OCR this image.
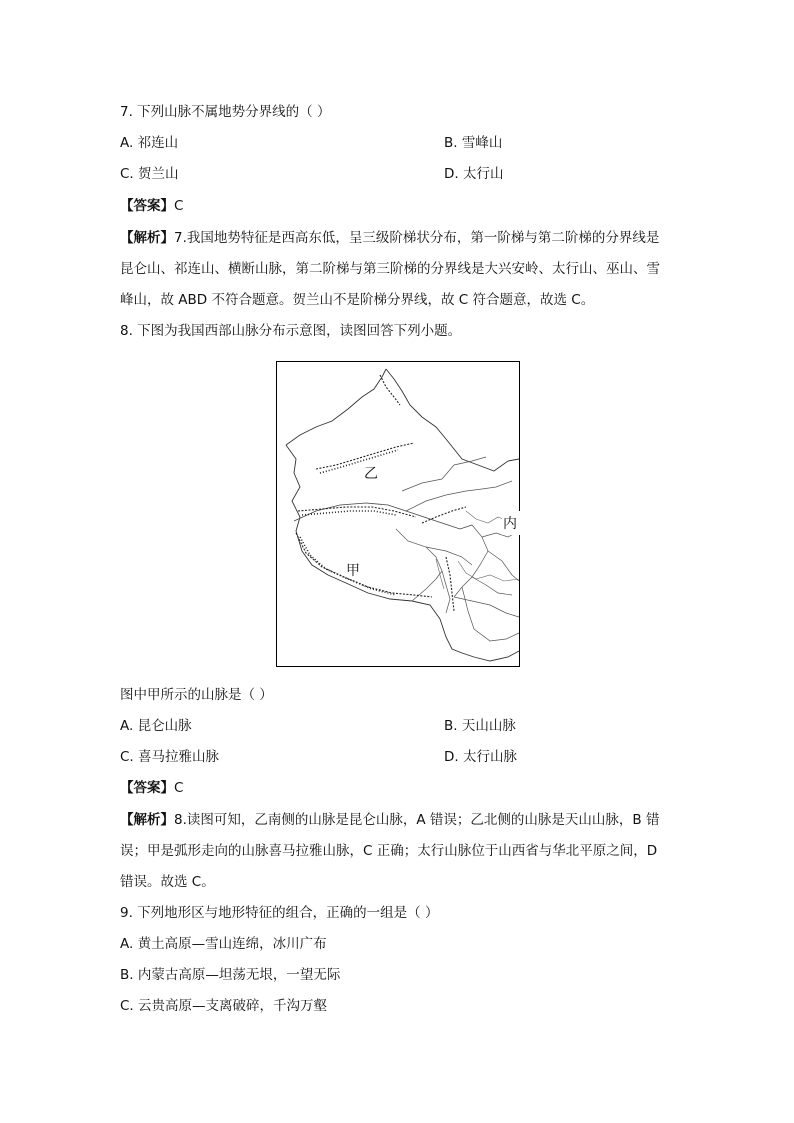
7. 下列山脉不属地势分界线的（ ）
A. 祁连山	B. 雪峰山
C. 贺兰山	D. 太行山
【答案】C
【解析】7.我国地势特征是西高东低，呈三级阶梯状分布，第一阶梯与第二阶梯的分界线是
昆仑山、祁连山、横断山脉，第二阶梯与第三阶梯的分界线是大兴安岭、太行山、巫山、雪
峰山，故 ABD 不符合题意。贺兰山不是阶梯分界线，故 C 符合题意，故选 C。
8. 下图为我国西部山脉分布示意图，读图回答下列小题。
乙
甲
内
图中甲所示的山脉是（ ）
A. 昆仑山脉	B. 天山山脉
C. 喜马拉雅山脉	D. 太行山脉
【答案】C
【解析】8.读图可知，乙南侧的山脉是昆仑山脉，A 错误；乙北侧的山脉是天山山脉，B 错
误；甲是弧形走向的山脉喜马拉雅山脉，C 正确；太行山脉位于山西省与华北平原之间，D
错误。故选 C。
9. 下列地形区与地形特征的组合，正确的一组是（ ）
A. 黄土高原—雪山连绵，冰川广布
B. 内蒙古高原—坦荡无垠，一望无际
C. 云贵高原—支离破碎，千沟万壑
